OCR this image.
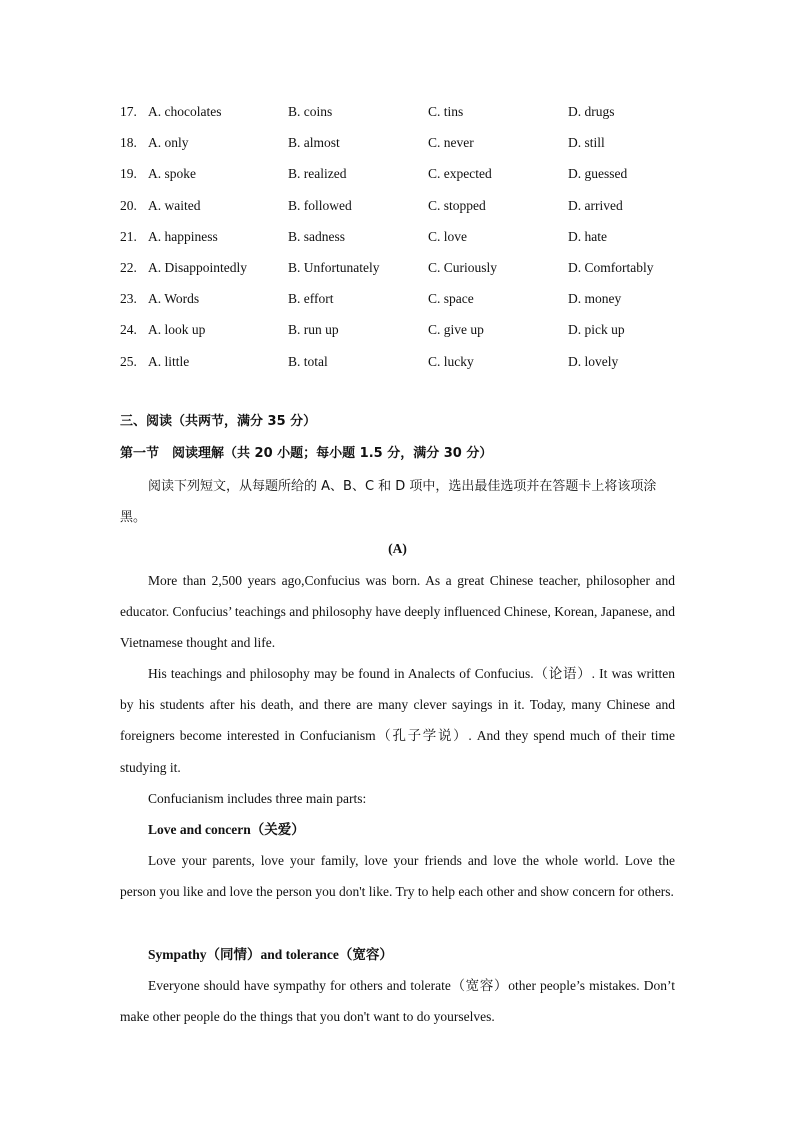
17. A. chocolates	B. coins	C. tins	D. drugs
18. A. only	B. almost	C. never	D. still
19. A. spoke	B. realized	C. expected	D. guessed
20. A. waited	B. followed	C. stopped	D. arrived
21. A. happiness	B. sadness	C. love	D. hate
22. A. Disappointedly	B. Unfortunately	C. Curiously	D. Comfortably
23. A. Words	B. effort	C. space	D. money
24. A. look up	B. run up	C. give up	D. pick up
25. A. little	B. total	C. lucky	D. lovely
三、阅读（共两节，满分 35 分）
第一节　阅读理解（共 20 小题；每小题 1.5 分，满分 30 分）

阅读下列短文，从每题所给的 A、B、C 和 D 项中，选出最佳选项并在答题卡上将该项涂黑。

(A)

More than 2,500 years ago,Confucius was born. As a great Chinese teacher, philosopher and educator. Confucius’ teachings and philosophy have deeply influenced Chinese, Korean, Japanese, and Vietnamese thought and life.

His teachings and philosophy may be found in Analects of Confucius.（论语）. It was written by his students after his death, and there are many clever sayings in it. Today, many Chinese and foreigners become interested in Confucianism（孔子学说）. And they spend much of their time studying it.

Confucianism includes three main parts:

Love and concern（关爱）

Love your parents, love your family, love your friends and love the whole world. Love the person you like and love the person you don't like. Try to help each other and show concern for others.

Sympathy（同情）and tolerance（宽容）

Everyone should have sympathy for others and tolerate（宽容）other people’s mistakes. Don’t make other people do the things that you don't want to do yourselves.
